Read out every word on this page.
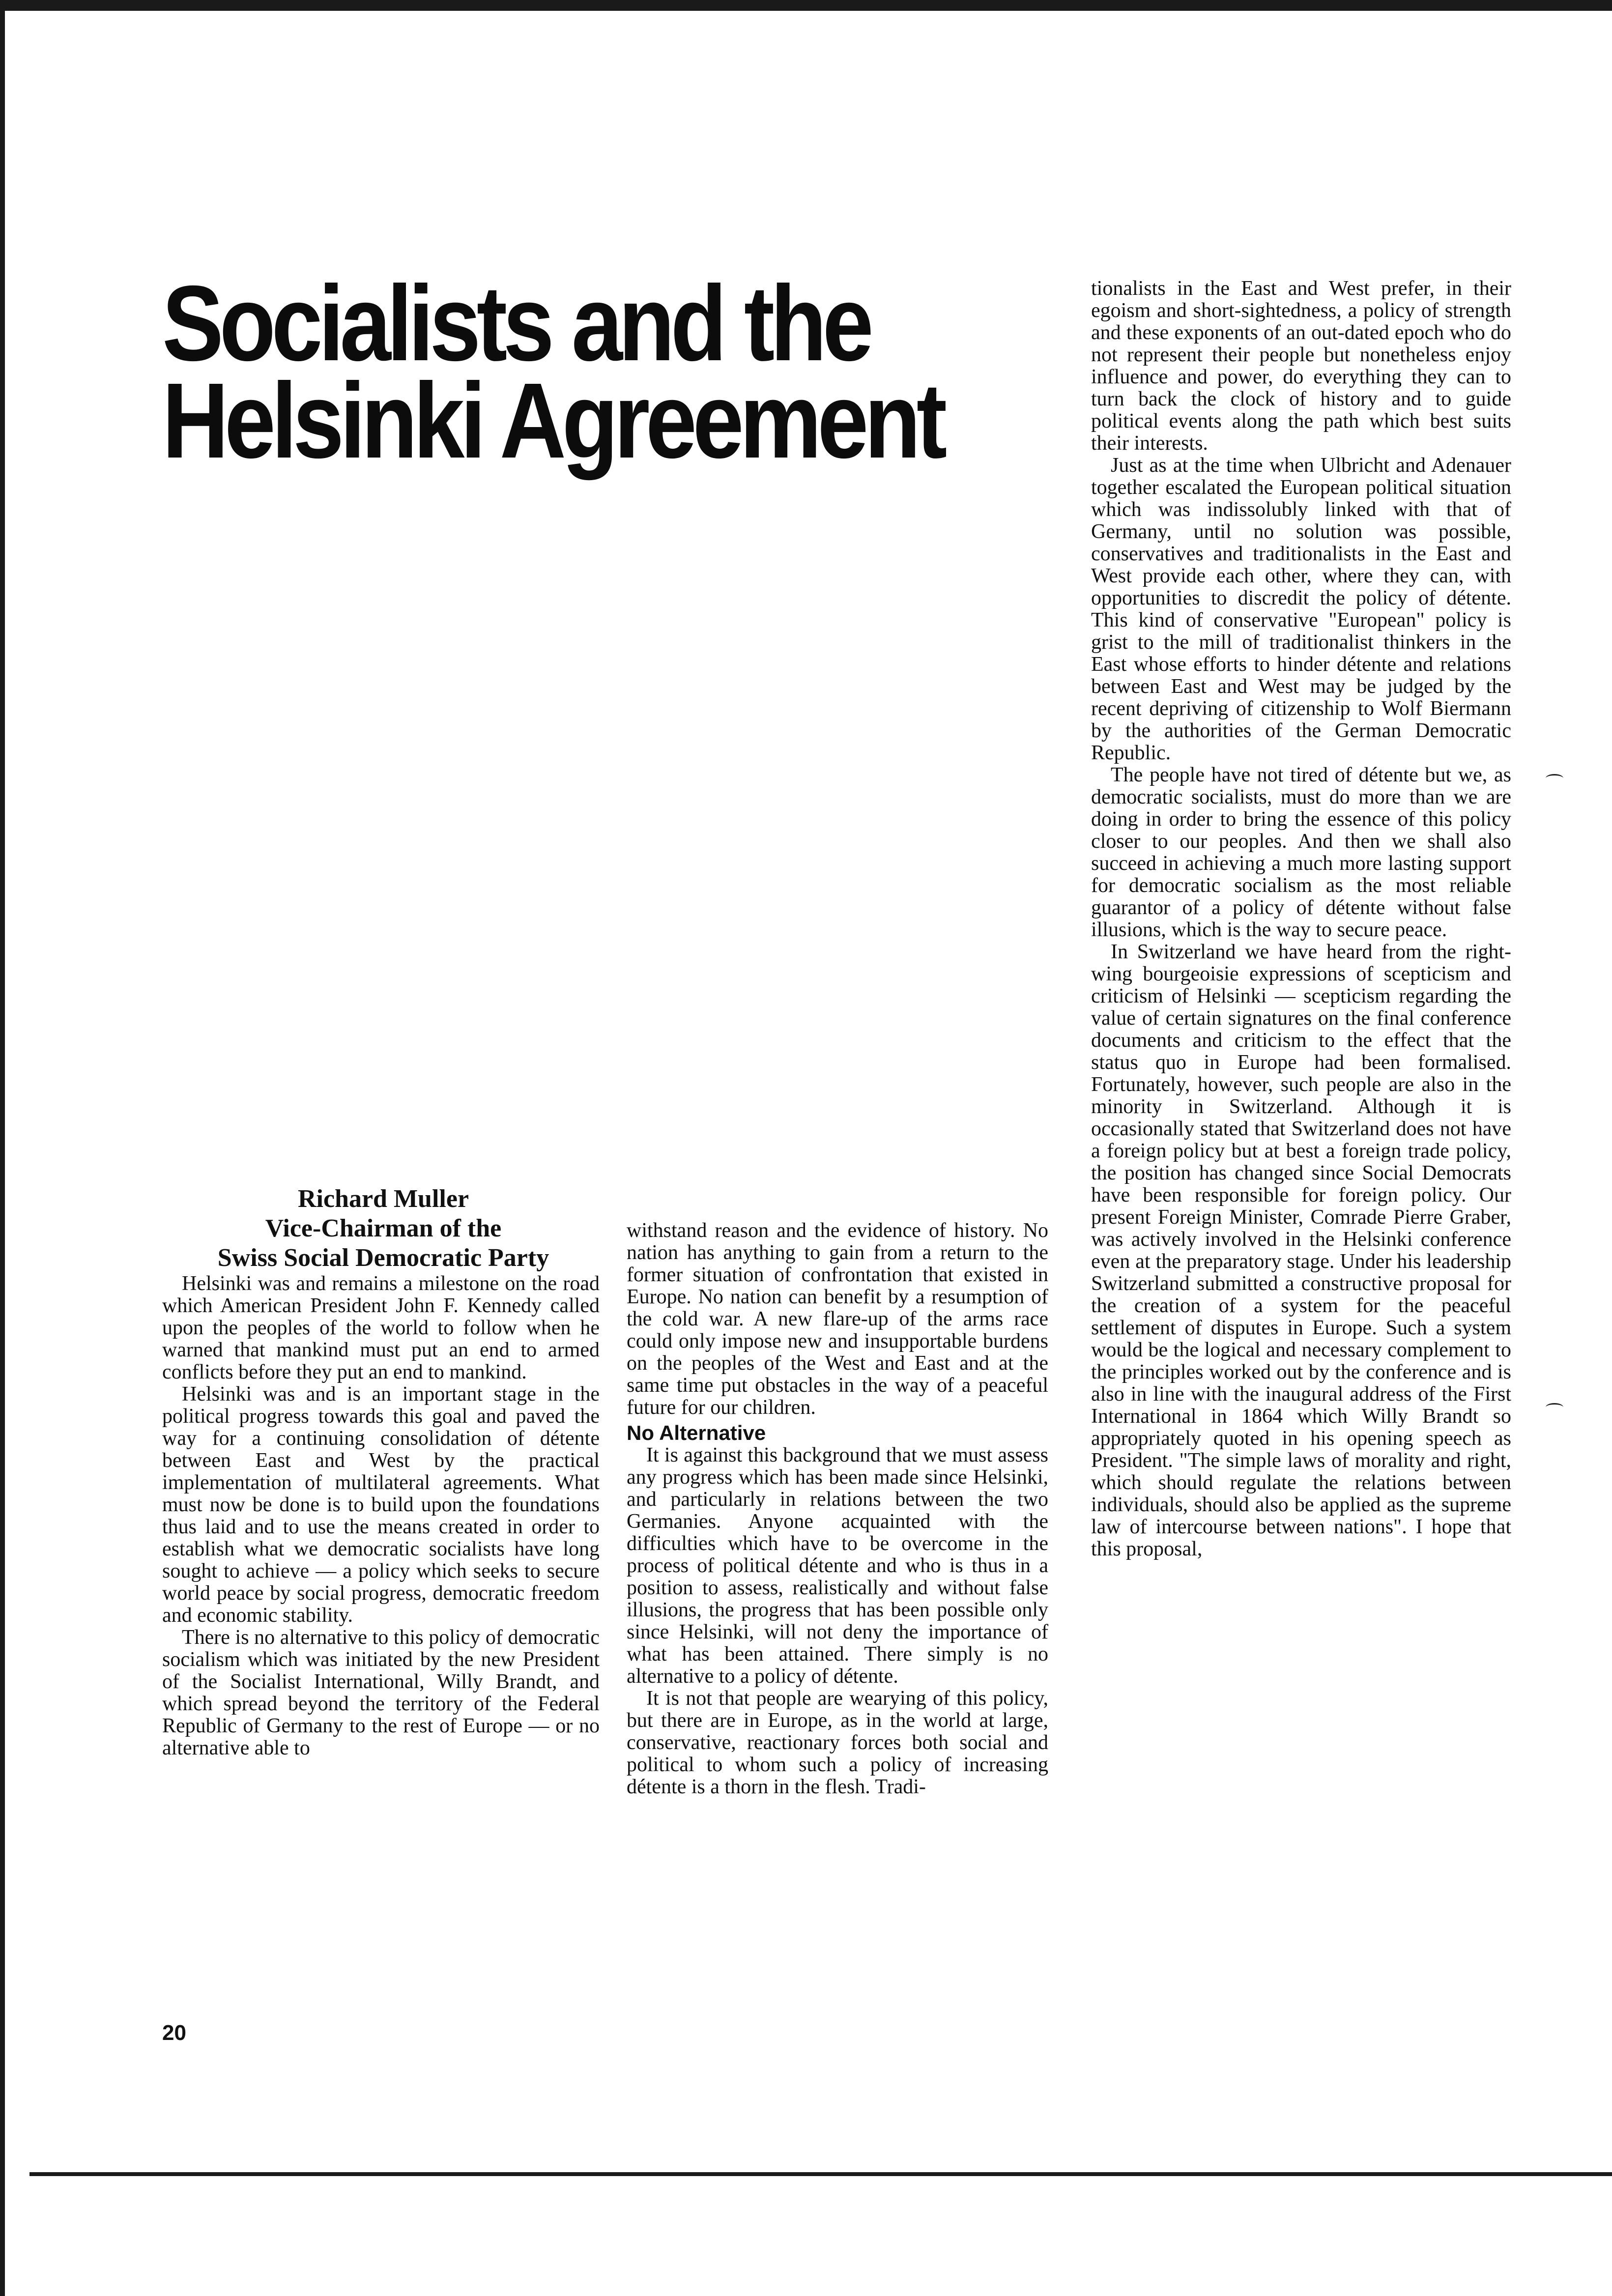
Socialists and the
Helsinki Agreement
Richard Muller
Vice-Chairman of the
Swiss Social Democratic Party

Helsinki was and remains a milestone on the road which American President John F. Kennedy called upon the peoples of the world to follow when he warned that mankind must put an end to armed conflicts before they put an end to mankind.

Helsinki was and is an important stage in the political progress towards this goal and paved the way for a continuing consolidation of détente between East and West by the practical implementation of multilateral agreements. What must now be done is to build upon the foundations thus laid and to use the means created in order to establish what we democratic socialists have long sought to achieve — a policy which seeks to secure world peace by social progress, democratic freedom and economic stability.

There is no alternative to this policy of democratic socialism which was initiated by the new President of the Socialist International, Willy Brandt, and which spread beyond the territory of the Federal Republic of Germany to the rest of Europe — or no alternative able to

withstand reason and the evidence of history. No nation has anything to gain from a return to the former situation of confrontation that existed in Europe. No nation can benefit by a resumption of the cold war. A new flare-up of the arms race could only impose new and insupportable burdens on the peoples of the West and East and at the same time put obstacles in the way of a peaceful future for our children.

No Alternative

It is against this background that we must assess any progress which has been made since Helsinki, and particularly in relations between the two Germanies. Anyone acquainted with the difficulties which have to be overcome in the process of political détente and who is thus in a position to assess, realistically and without false illusions, the progress that has been possible only since Helsinki, will not deny the importance of what has been attained. There simply is no alternative to a policy of détente.

It is not that people are wearying of this policy, but there are in Europe, as in the world at large, conservative, reactionary forces both social and political to whom such a policy of increasing détente is a thorn in the flesh. Tradi-

tionalists in the East and West prefer, in their egoism and short-sightedness, a policy of strength and these exponents of an out-dated epoch who do not represent their people but nonetheless enjoy influence and power, do everything they can to turn back the clock of history and to guide political events along the path which best suits their interests.

Just as at the time when Ulbricht and Adenauer together escalated the European political situation which was indissolubly linked with that of Germany, until no solution was possible, conservatives and traditionalists in the East and West provide each other, where they can, with opportunities to discredit the policy of détente. This kind of conservative "European" policy is grist to the mill of traditionalist thinkers in the East whose efforts to hinder détente and relations between East and West may be judged by the recent depriving of citizenship to Wolf Biermann by the authorities of the German Democratic Republic.

The people have not tired of détente but we, as democratic socialists, must do more than we are doing in order to bring the essence of this policy closer to our peoples. And then we shall also succeed in achieving a much more lasting support for democratic socialism as the most reliable guarantor of a policy of détente without false illusions, which is the way to secure peace.

In Switzerland we have heard from the right-wing bourgeoisie expressions of scepticism and criticism of Helsinki — scepticism regarding the value of certain signatures on the final conference documents and criticism to the effect that the status quo in Europe had been formalised. Fortunately, however, such people are also in the minority in Switzerland. Although it is occasionally stated that Switzerland does not have a foreign policy but at best a foreign trade policy, the position has changed since Social Democrats have been responsible for foreign policy. Our present Foreign Minister, Comrade Pierre Graber, was actively involved in the Helsinki conference even at the preparatory stage. Under his leadership Switzerland submitted a constructive proposal for the creation of a system for the peaceful settlement of disputes in Europe. Such a system would be the logical and necessary complement to the principles worked out by the conference and is also in line with the inaugural address of the First International in 1864 which Willy Brandt so appropriately quoted in his opening speech as President. "The simple laws of morality and right, which should regulate the relations between individuals, should also be applied as the supreme law of intercourse between nations". I hope that this proposal,

20
